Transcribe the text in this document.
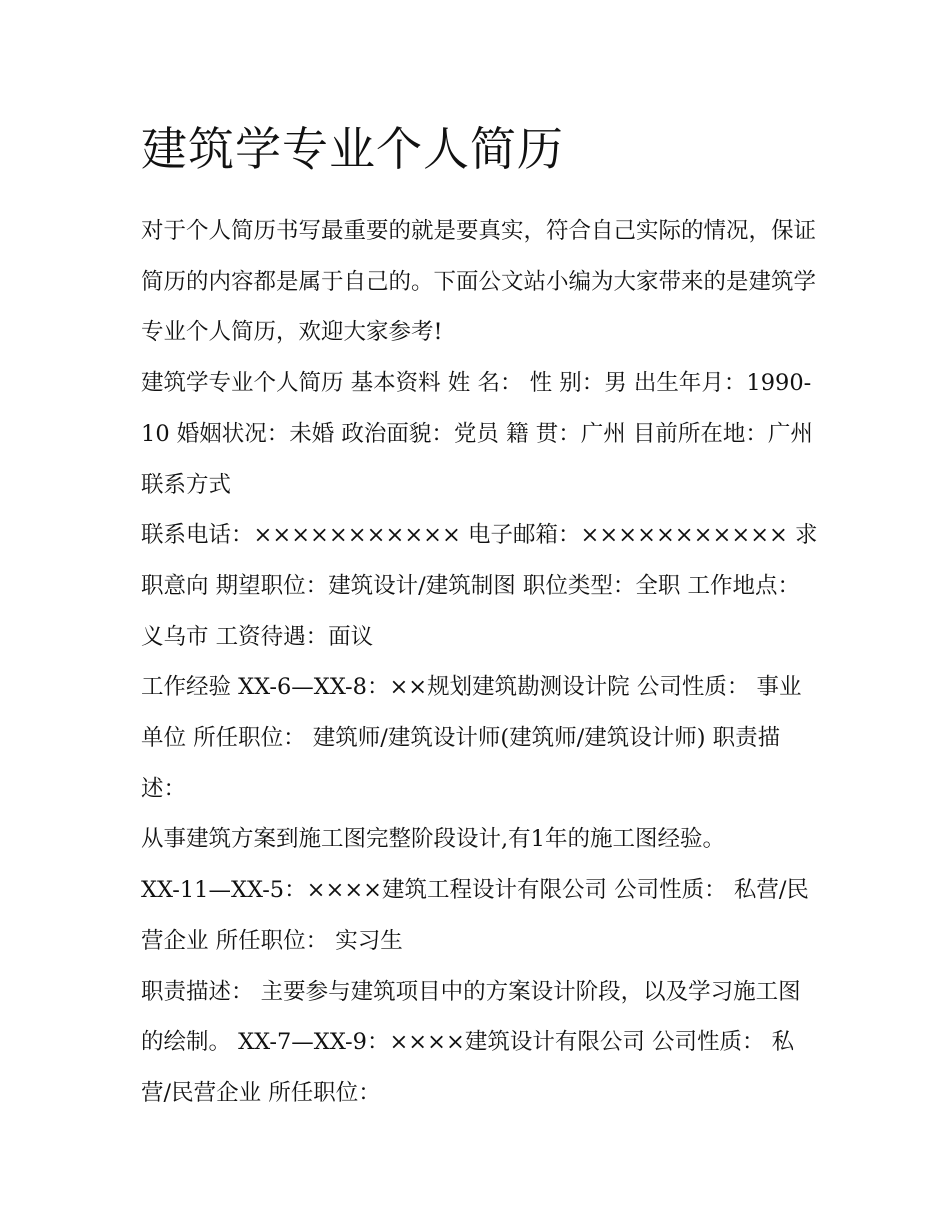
建筑学专业个人简历

对于个人简历书写最重要的就是要真实，符合自己实际的情况，保证简历的内容都是属于自己的。下面公文站小编为大家带来的是建筑学专业个人简历，欢迎大家参考!

建筑学专业个人简历 基本资料 姓 名： 性 别：男 出生年月：1990-10 婚姻状况：未婚 政治面貌：党员 籍 贯：广州 目前所在地：广州 联系方式

联系电话：××××××××××× 电子邮箱：××××××××××× 求职意向 期望职位：建筑设计/建筑制图 职位类型：全职 工作地点：义乌市 工资待遇：面议

工作经验 XX-6—XX-8：××规划建筑勘测设计院 公司性质： 事业单位 所任职位： 建筑师/建筑设计师(建筑师/建筑设计师) 职责描述：

从事建筑方案到施工图完整阶段设计,有1年的施工图经验。

XX-11—XX-5：××××建筑工程设计有限公司 公司性质： 私营/民营企业 所任职位： 实习生

职责描述： 主要参与建筑项目中的方案设计阶段，以及学习施工图的绘制。 XX-7—XX-9：××××建筑设计有限公司 公司性质： 私营/民营企业 所任职位：
